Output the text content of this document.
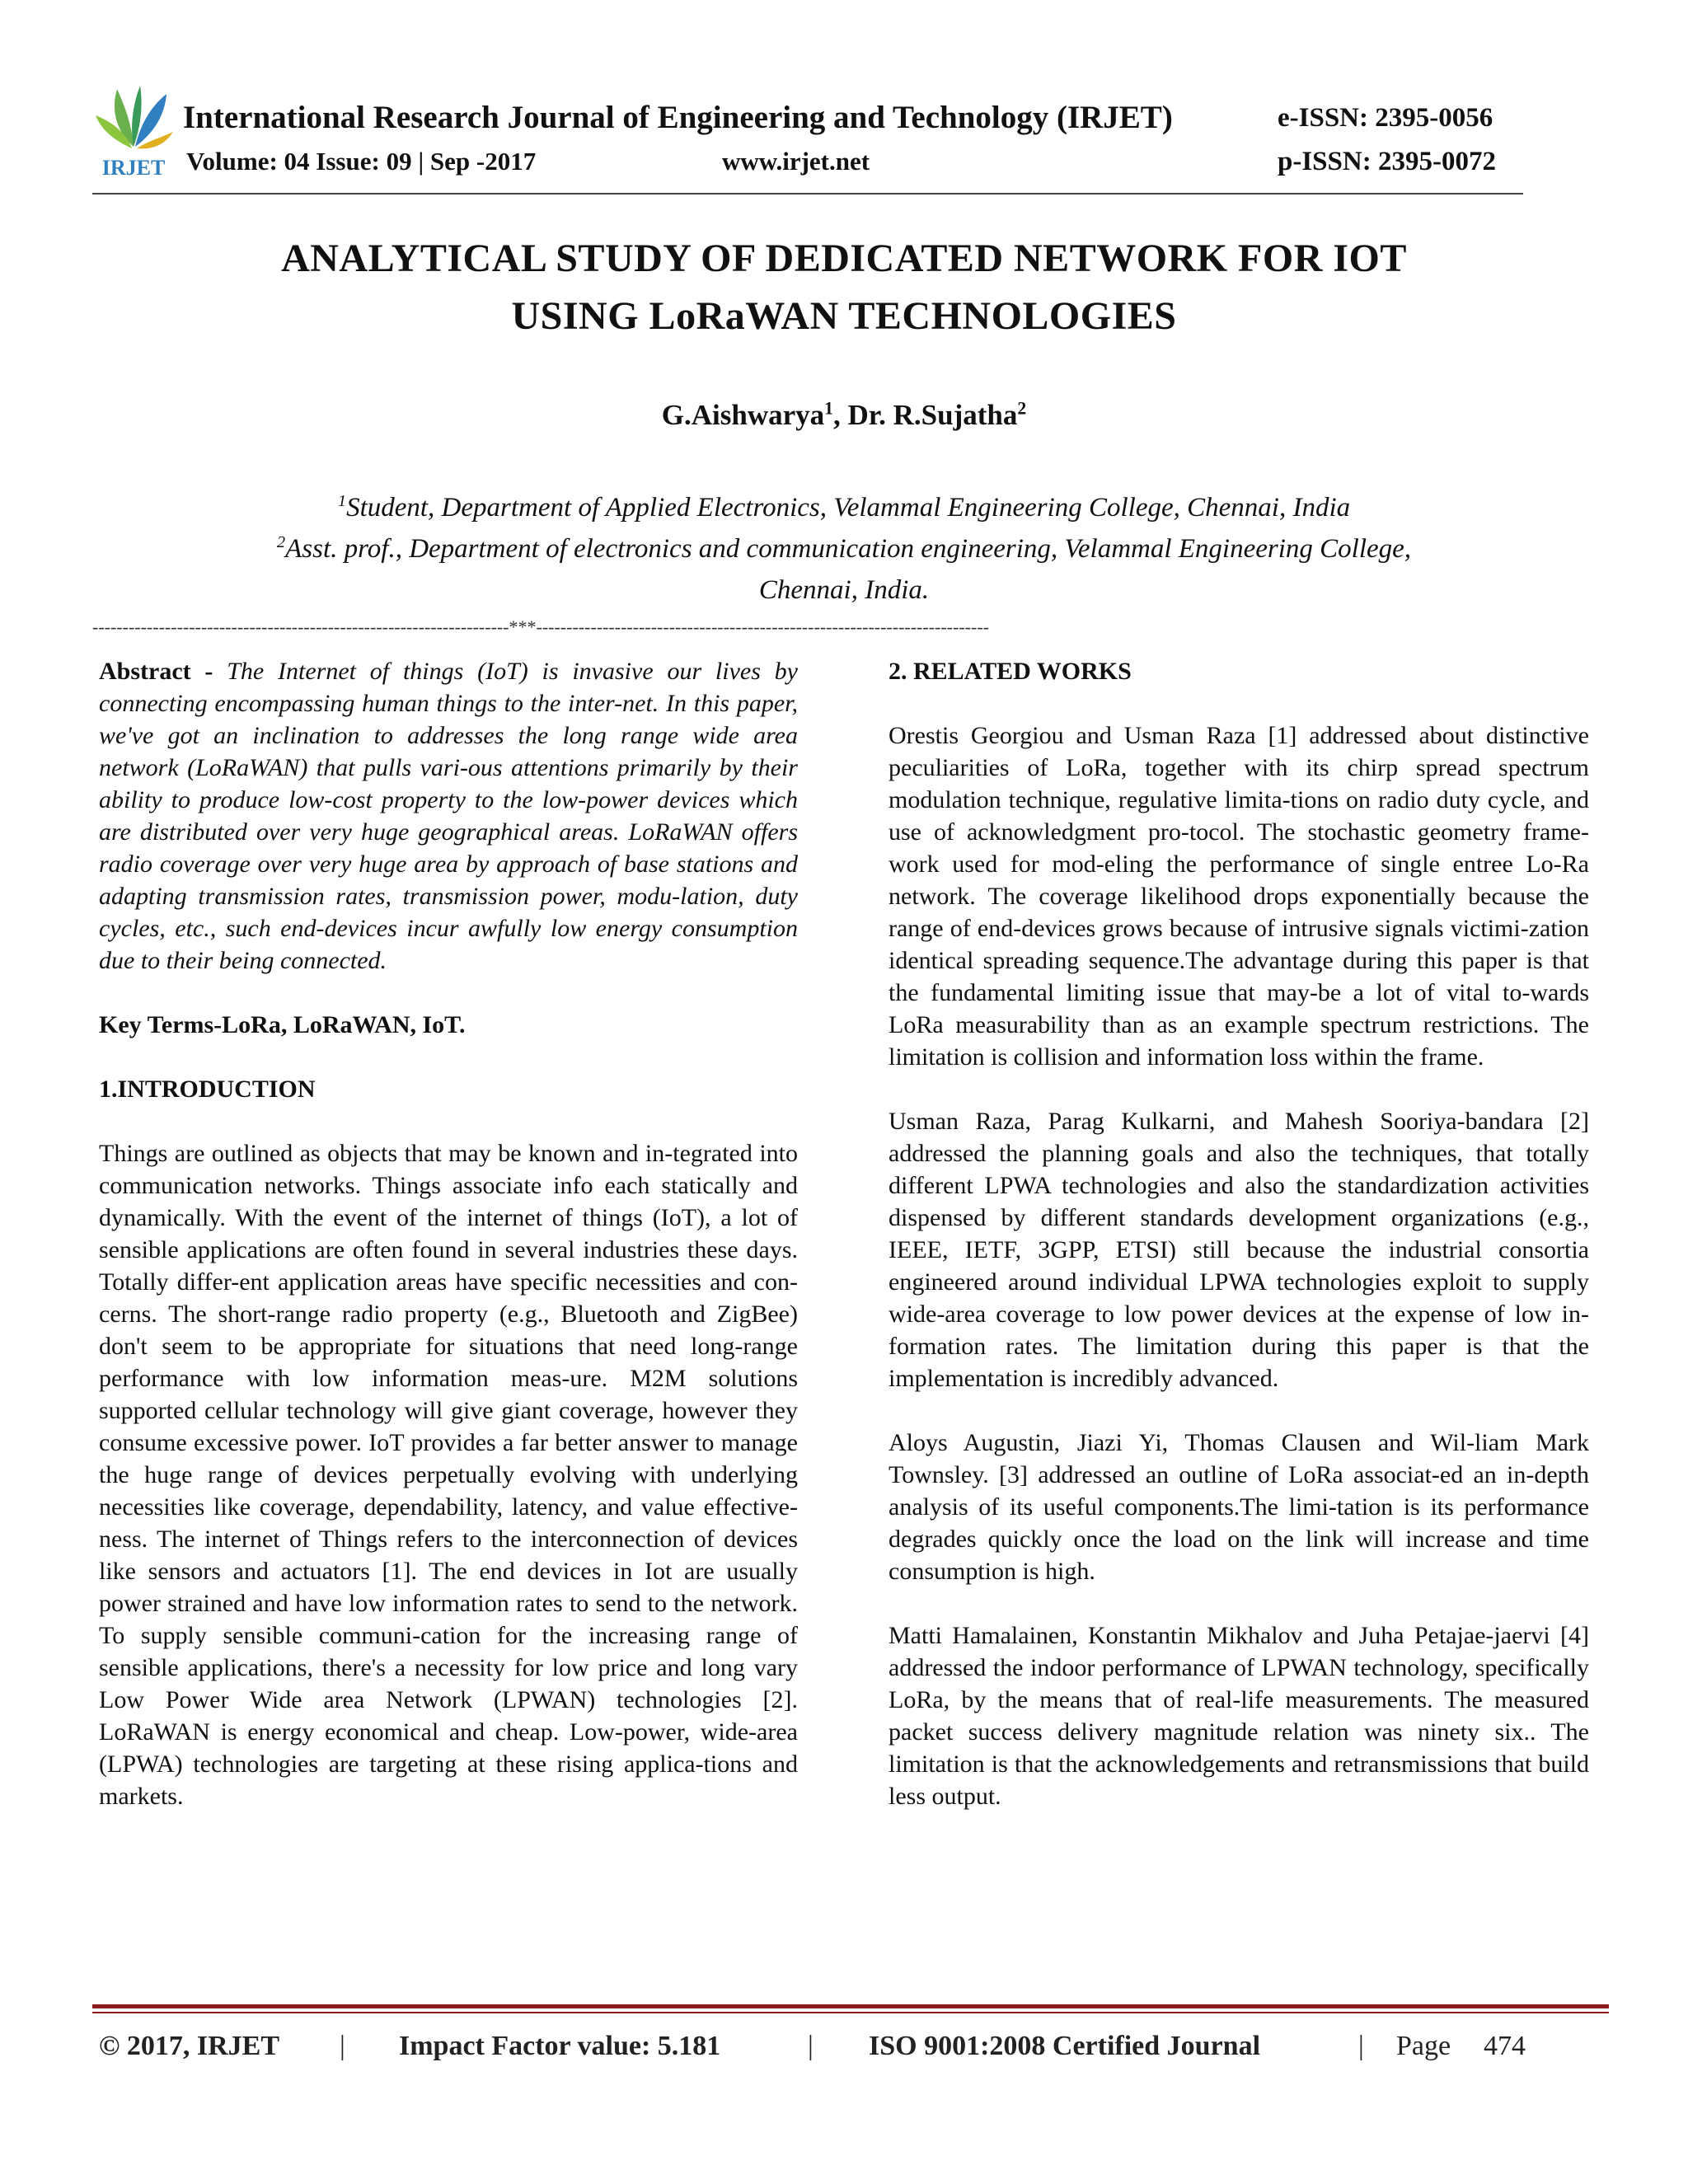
IRJET
International Research Journal of Engineering and Technology (IRJET)	e-ISSN: 2395-0056
Volume: 04 Issue: 09 | Sep -2017	www.irjet.net	p-ISSN: 2395-0072
ANALYTICAL STUDY OF DEDICATED NETWORK FOR IOT
USING LoRaWAN TECHNOLOGIES
G.Aishwarya$^1$, Dr. R.Sujatha$^2$
$^1$Student, Department of Applied Electronics, Velammal Engineering College, Chennai, India
$^2$Asst. prof., Department of electronics and communication engineering, Velammal Engineering College,
Chennai, India.
---------------------------------------------------------------------***---------------------------------------------------------------------------

Abstract - The Internet of things (IoT) is invasive our lives by connecting encompassing human things to the inter-net. In this paper, we've got an inclination to addresses the long range wide area network (LoRaWAN) that pulls vari-ous attentions primarily by their ability to produce low-cost property to the low-power devices which are distributed over very huge geographical areas. LoRaWAN offers radio coverage over very huge area by approach of base stations and adapting transmission rates, transmission power, modu-lation, duty cycles, etc., such end-devices incur awfully low energy consumption due to their being connected.

Key Terms-LoRa, LoRaWAN, IoT.

1.INTRODUCTION

Things are outlined as objects that may be known and in-tegrated into communication networks. Things associate info each statically and dynamically. With the event of the internet of things (IoT), a lot of sensible applications are often found in several industries these days. Totally differ-ent application areas have specific necessities and con-cerns. The short-range radio property (e.g., Bluetooth and ZigBee) don't seem to be appropriate for situations that need long-range performance with low information meas-ure. M2M solutions supported cellular technology will give giant coverage, however they consume excessive power. IoT provides a far better answer to manage the huge range of devices perpetually evolving with underlying necessities like coverage, dependability, latency, and value effective-ness. The internet of Things refers to the interconnection of devices like sensors and actuators [1]. The end devices in Iot are usually power strained and have low information rates to send to the network. To supply sensible communi-cation for the increasing range of sensible applications, there's a necessity for low price and long vary Low Power Wide area Network (LPWAN) technologies [2]. LoRaWAN is energy economical and cheap. Low-power, wide-area (LPWA) technologies are targeting at these rising applica-tions and markets.

2. RELATED WORKS

Orestis Georgiou and Usman Raza [1] addressed about distinctive peculiarities of LoRa, together with its chirp spread spectrum modulation technique, regulative limita-tions on radio duty cycle, and use of acknowledgment pro-tocol. The stochastic geometry frame-work used for mod-eling the performance of single entree Lo-Ra network. The coverage likelihood drops exponentially because the range of end-devices grows because of intrusive signals victimi-zation identical spreading sequence.The advantage during this paper is that the fundamental limiting issue that may-be a lot of vital to-wards LoRa measurability than as an example spectrum restrictions. The limitation is collision and information loss within the frame.

Usman Raza, Parag Kulkarni, and Mahesh Sooriya-bandara [2] addressed the planning goals and also the techniques, that totally different LPWA technologies and also the standardization activities dispensed by different standards development organizations (e.g., IEEE, IETF, 3GPP, ETSI) still because the industrial consortia engineered around individual LPWA technologies exploit to supply wide-area coverage to low power devices at the expense of low in-formation rates. The limitation during this paper is that the implementation is incredibly advanced.

Aloys Augustin, Jiazi Yi, Thomas Clausen and Wil-liam Mark Townsley. [3] addressed an outline of LoRa associat-ed an in-depth analysis of its useful components.The limi-tation is its performance degrades quickly once the load on the link will increase and time consumption is high.

Matti Hamalainen, Konstantin Mikhalov and Juha Petajae-jaervi [4] addressed the indoor performance of LPWAN technology, specifically LoRa, by the means that of real-life measurements. The measured packet success delivery magnitude relation was ninety six.. The limitation is that the acknowledgements and retransmissions that build less output.

© 2017, IRJET | Impact Factor value: 5.181	| ISO 9001:2008 Certified Journal	| Page 474
